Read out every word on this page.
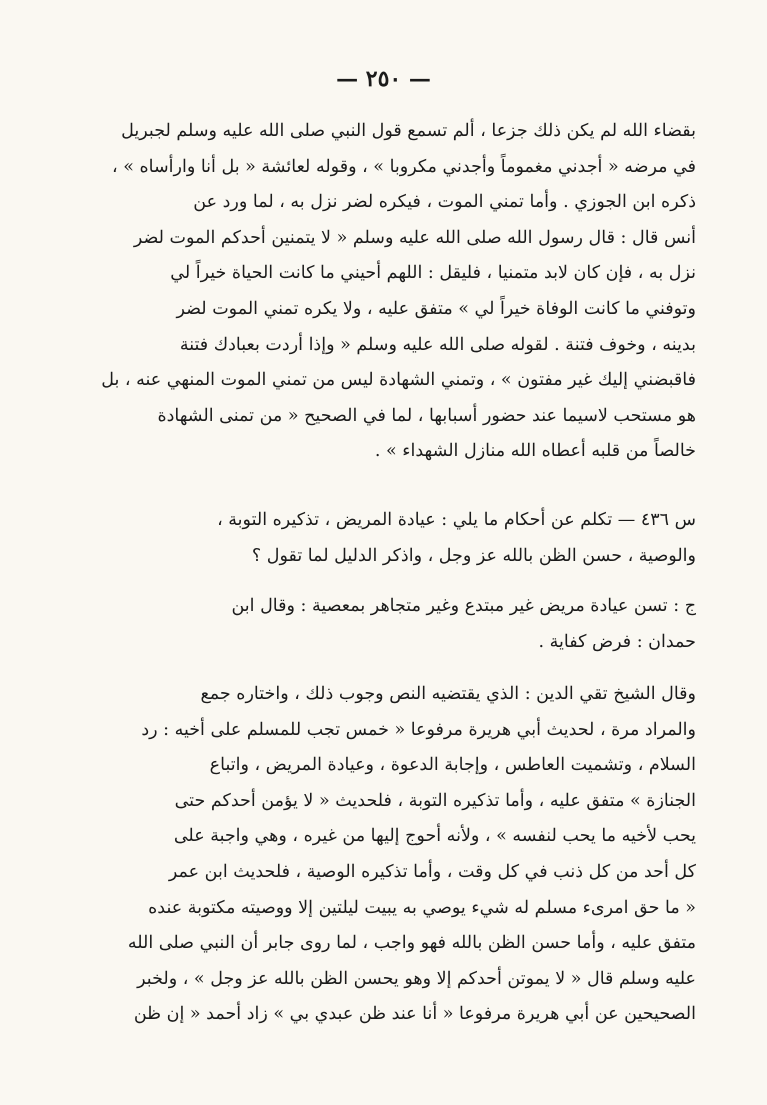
— ٢٥٠ —
بقضاء الله لم يكن ذلك جزعا ، ألم تسمع قول النبي صلى الله عليه وسلم لجبريل
في مرضه « أجدني مغموماً وأجدني مكروبا » ، وقوله لعائشة « بل أنا وارأساه » ،
ذكره ابن الجوزي . وأما تمني الموت ، فيكره لضر نزل به ، لما ورد عن
أنس قال : قال رسول الله صلى الله عليه وسلم « لا يتمنين أحدكم الموت لضر
نزل به ، فإن كان لابد متمنيا ، فليقل : اللهم أحيني ما كانت الحياة خيراً لي
وتوفني ما كانت الوفاة خيراً لي » متفق عليه ، ولا يكره تمني الموت لضر
بدينه ، وخوف فتنة . لقوله صلى الله عليه وسلم « وإذا أردت بعبادك فتنة
فاقبضني إليك غير مفتون » ، وتمني الشهادة ليس من تمني الموت المنهي عنه ، بل
هو مستحب لاسيما عند حضور أسبابها ، لما في الصحيح « من تمنى الشهادة
خالصاً من قلبه أعطاه الله منازل الشهداء » .
س ٤٣٦ — تكلم عن أحكام ما يلي : عيادة المريض ، تذكيره التوبة ،
والوصية ، حسن الظن بالله عز وجل ، واذكر الدليل لما تقول ؟
ج : تسن عيادة مريض غير مبتدع وغير متجاهر بمعصية : وقال ابن
حمدان : فرض كفاية .
وقال الشيخ تقي الدين : الذي يقتضيه النص وجوب ذلك ، واختاره جمع
والمراد مرة ، لحديث أبي هريرة مرفوعا « خمس تجب للمسلم على أخيه : رد
السلام ، وتشميت العاطس ، وإجابة الدعوة ، وعيادة المريض ، واتباع
الجنازة » متفق عليه ، وأما تذكيره التوبة ، فلحديث « لا يؤمن أحدكم حتى
يحب لأخيه ما يحب لنفسه » ، ولأنه أحوج إليها من غيره ، وهي واجبة على
كل أحد من كل ذنب في كل وقت ، وأما تذكيره الوصية ، فلحديث ابن عمر
« ما حق امرىء مسلم له شيء يوصي به يبيت ليلتين إلا ووصيته مكتوبة عنده
متفق عليه ، وأما حسن الظن بالله فهو واجب ، لما روى جابر أن النبي صلى الله
عليه وسلم قال « لا يموتن أحدكم إلا وهو يحسن الظن بالله عز وجل » ، ولخبر
الصحيحين عن أبي هريرة مرفوعا « أنا عند ظن عبدي بي » زاد أحمد « إن ظن
